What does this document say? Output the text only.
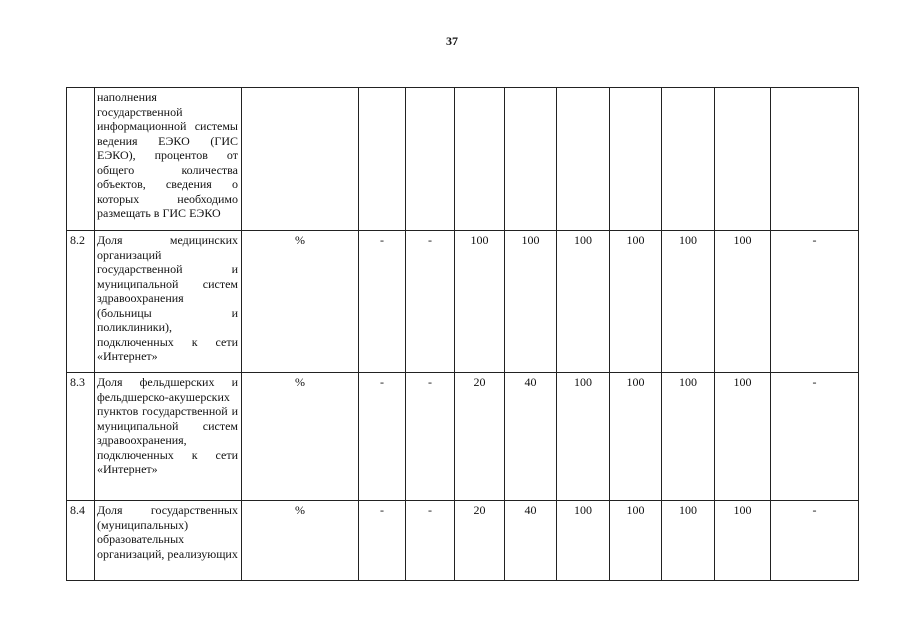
37
	наполнения государственной информационной системы ведения ЕЭКО (ГИС ЕЭКО), процентов от общего количества объектов, сведения о которых необходимо размещать в ГИС ЕЭКО										
8.2	Доля медицинских организаций государственной и муниципальной систем здравоохранения (больницы и поликлиники), подключенных к сети «Интернет»	%	-	-	100	100	100	100	100	100	-
8.3	Доля фельдшерских и фельдшерско-акушерских пунктов государственной и муниципальной систем здравоохранения, подключенных к сети «Интернет»	%	-	-	20	40	100	100	100	100	-
8.4	Доля государственных (муниципальных) образовательных организаций, реализующих	%	-	-	20	40	100	100	100	100	-
